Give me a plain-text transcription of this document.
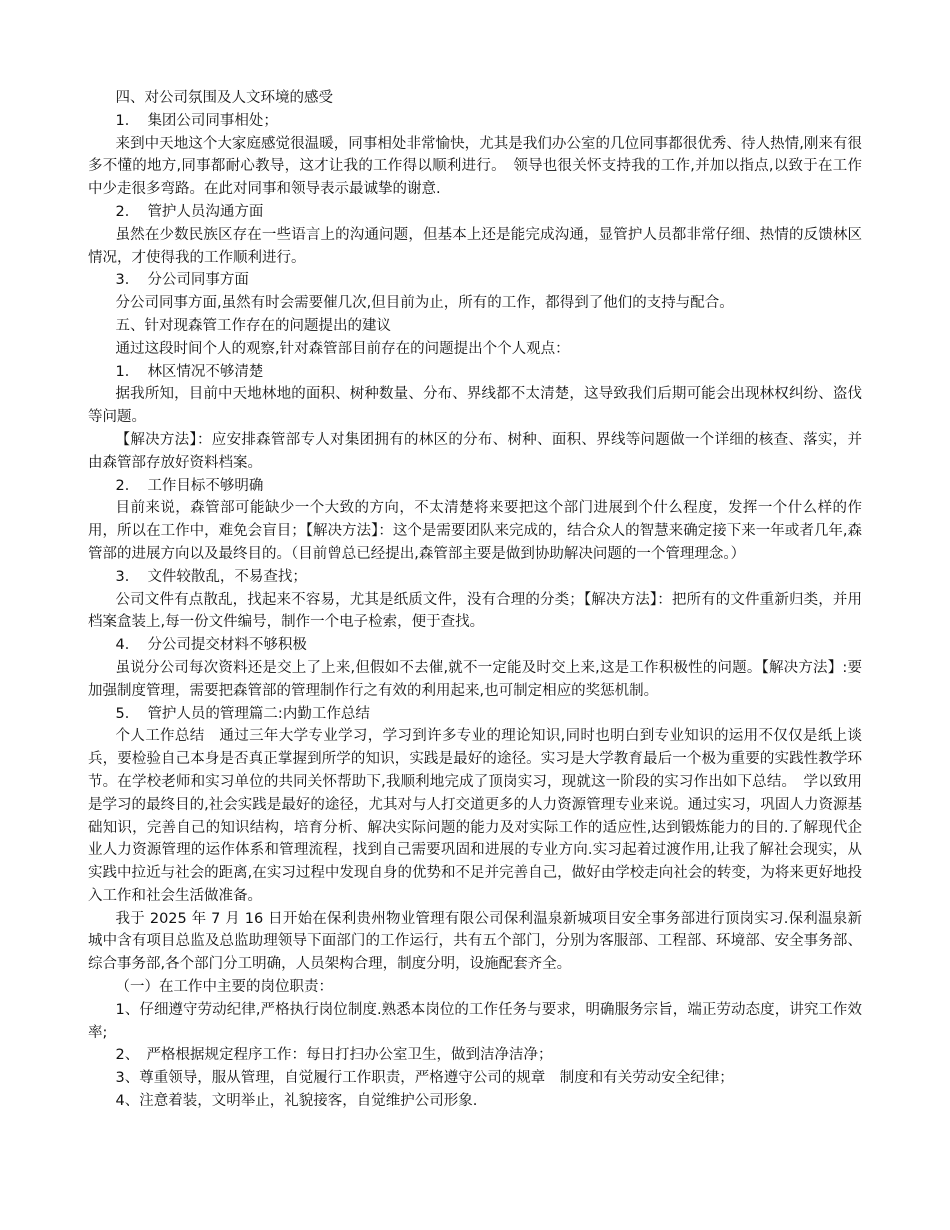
四、对公司氛围及人文环境的感受
1． 集团公司同事相处；
来到中天地这个大家庭感觉很温暖，同事相处非常愉快，尤其是我们办公室的几位同事都很优秀、待人热情,刚来有很多不懂的地方,同事都耐心教导，这才让我的工作得以顺利进行。　领导也很关怀支持我的工作,并加以指点,以致于在工作中少走很多弯路。在此对同事和领导表示最诚挚的谢意.
2． 管护人员沟通方面
虽然在少数民族区存在一些语言上的沟通问题，但基本上还是能完成沟通，显管护人员都非常仔细、热情的反馈林区情况，才使得我的工作顺利进行。
3． 分公司同事方面
分公司同事方面,虽然有时会需要催几次,但目前为止，所有的工作，都得到了他们的支持与配合。
五、针对现森管工作存在的问题提出的建议
通过这段时间个人的观察,针对森管部目前存在的问题提出个个人观点：
1． 林区情况不够清楚
据我所知，目前中天地林地的面积、树种数量、分布、界线都不太清楚，这导致我们后期可能会出现林权纠纷、盗伐等问题。
【解决方法】：应安排森管部专人对集团拥有的林区的分布、树种、面积、界线等问题做一个详细的核查、落实，并由森管部存放好资料档案。
2． 工作目标不够明确
目前来说，森管部可能缺少一个大致的方向，不太清楚将来要把这个部门进展到个什么程度，发挥一个什么样的作用，所以在工作中，难免会盲目；【解决方法】：这个是需要团队来完成的，结合众人的智慧来确定接下来一年或者几年,森管部的进展方向以及最终目的。（目前曾总已经提出,森管部主要是做到协助解决问题的一个管理理念。）
3． 文件较散乱，不易查找；
公司文件有点散乱，找起来不容易，尤其是纸质文件，没有合理的分类；【解决方法】：把所有的文件重新归类，并用档案盒装上,每一份文件编号，制作一个电子检索，便于查找。
4． 分公司提交材料不够积极
虽说分公司每次资料还是交上了上来,但假如不去催,就不一定能及时交上来,这是工作积极性的问题。【解决方法】:要加强制度管理，需要把森管部的管理制作行之有效的利用起来,也可制定相应的奖惩机制。
5． 管护人员的管理篇二:内勤工作总结
个人工作总结　通过三年大学专业学习，学习到许多专业的理论知识,同时也明白到专业知识的运用不仅仅是纸上谈兵，要检验自己本身是否真正掌握到所学的知识，实践是最好的途径。实习是大学教育最后一个极为重要的实践性教学环节。在学校老师和实习单位的共同关怀帮助下,我顺利地完成了顶岗实习，现就这一阶段的实习作出如下总结。　学以致用是学习的最终目的,社会实践是最好的途径，尤其对与人打交道更多的人力资源管理专业来说。通过实习，巩固人力资源基础知识，完善自己的知识结构，培育分析、解决实际问题的能力及对实际工作的适应性,达到锻炼能力的目的.了解现代企业人力资源管理的运作体系和管理流程，找到自己需要巩固和进展的专业方向.实习起着过渡作用,让我了解社会现实，从实践中拉近与社会的距离,在实习过程中发现自身的优势和不足并完善自己，做好由学校走向社会的转变，为将来更好地投入工作和社会生活做准备。
我于 2025 年 7 月 16 日开始在保利贵州物业管理有限公司保利温泉新城项目安全事务部进行顶岗实习.保利温泉新城中含有项目总监及总监助理领导下面部门的工作运行，共有五个部门，分别为客服部、工程部、环境部、安全事务部、综合事务部,各个部门分工明确，人员架构合理，制度分明，设施配套齐全。
（一）在工作中主要的岗位职责：
1、仔细遵守劳动纪律,严格执行岗位制度.熟悉本岗位的工作任务与要求，明确服务宗旨，端正劳动态度，讲究工作效率;
2、　严格根据规定程序工作：每日打扫办公室卫生，做到洁净洁净；
3、尊重领导，服从管理，自觉履行工作职责，严格遵守公司的规章　制度和有关劳动安全纪律；
4、注意着装，文明举止，礼貌接客，自觉维护公司形象.
